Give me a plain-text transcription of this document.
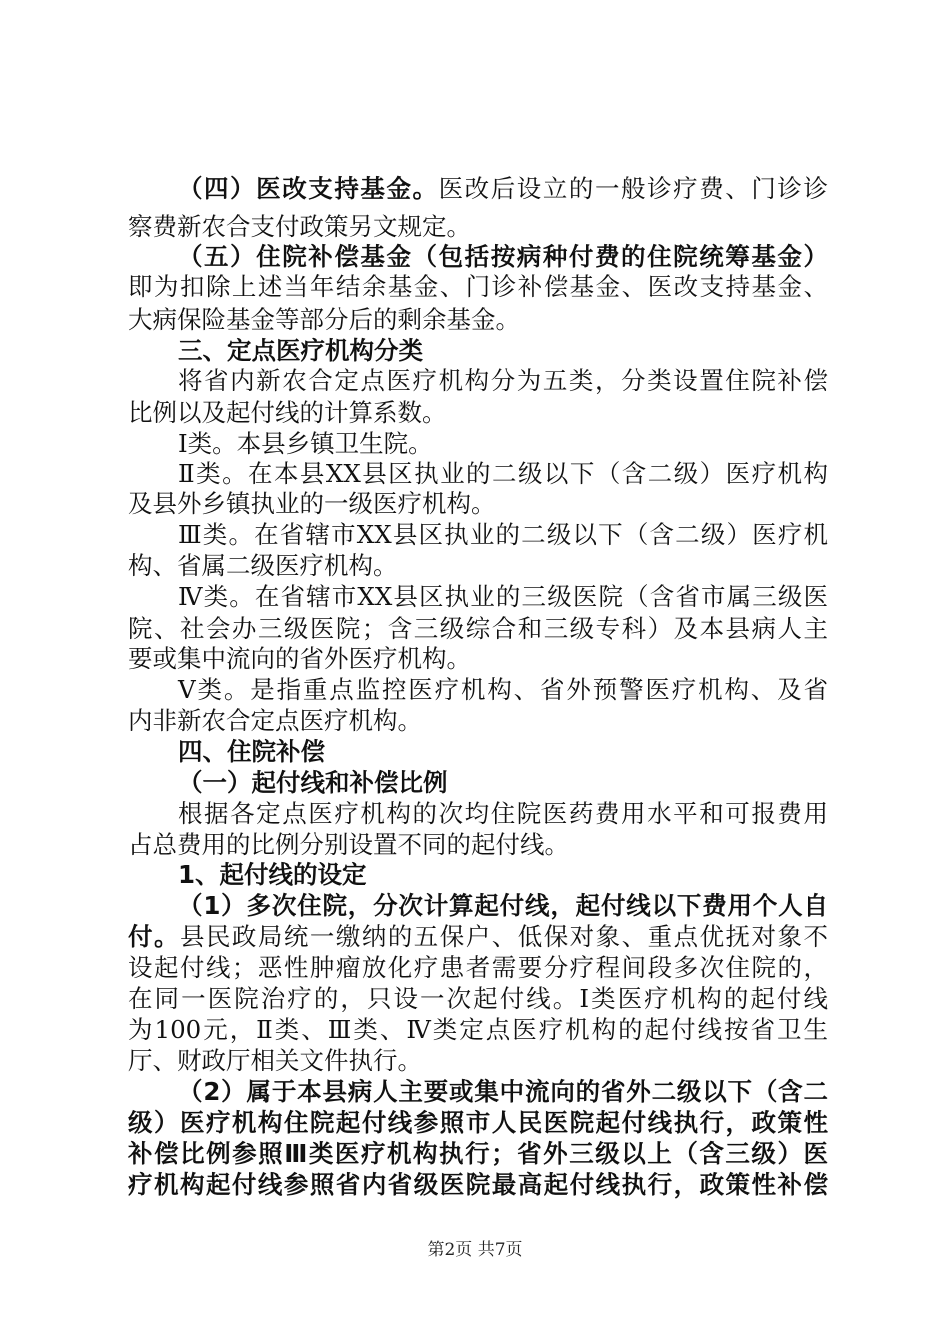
（四）医改支持基金。医改后设立的一般诊疗费、门诊诊
察费新农合支付政策另文规定。
（五）住院补偿基金（包括按病种付费的住院统筹基金）
即为扣除上述当年结余基金、门诊补偿基金、医改支持基金、
大病保险基金等部分后的剩余基金。
三、定点医疗机构分类
将省内新农合定点医疗机构分为五类，分类设置住院补偿
比例以及起付线的计算系数。
Ⅰ类。本县乡镇卫生院。
Ⅱ类。在本县XX县区执业的二级以下（含二级）医疗机构
及县外乡镇执业的一级医疗机构。
Ⅲ类。在省辖市XX县区执业的二级以下（含二级）医疗机
构、省属二级医疗机构。
Ⅳ类。在省辖市XX县区执业的三级医院（含省市属三级医
院、社会办三级医院；含三级综合和三级专科）及本县病人主
要或集中流向的省外医疗机构。
Ⅴ类。是指重点监控医疗机构、省外预警医疗机构、及省
内非新农合定点医疗机构。
四、住院补偿
（一）起付线和补偿比例
根据各定点医疗机构的次均住院医药费用水平和可报费用
占总费用的比例分别设置不同的起付线。
1、起付线的设定
（1）多次住院，分次计算起付线，起付线以下费用个人自
付。县民政局统一缴纳的五保户、低保对象、重点优抚对象不
设起付线；恶性肿瘤放化疗患者需要分疗程间段多次住院的，
在同一医院治疗的，只设一次起付线。Ⅰ类医疗机构的起付线
为100元，Ⅱ类、Ⅲ类、Ⅳ类定点医疗机构的起付线按省卫生
厅、财政厅相关文件执行。
（2）属于本县病人主要或集中流向的省外二级以下（含二
级）医疗机构住院起付线参照市人民医院起付线执行，政策性
补偿比例参照Ⅲ类医疗机构执行；省外三级以上（含三级）医
疗机构起付线参照省内省级医院最高起付线执行，政策性补偿
第2页 共7页
